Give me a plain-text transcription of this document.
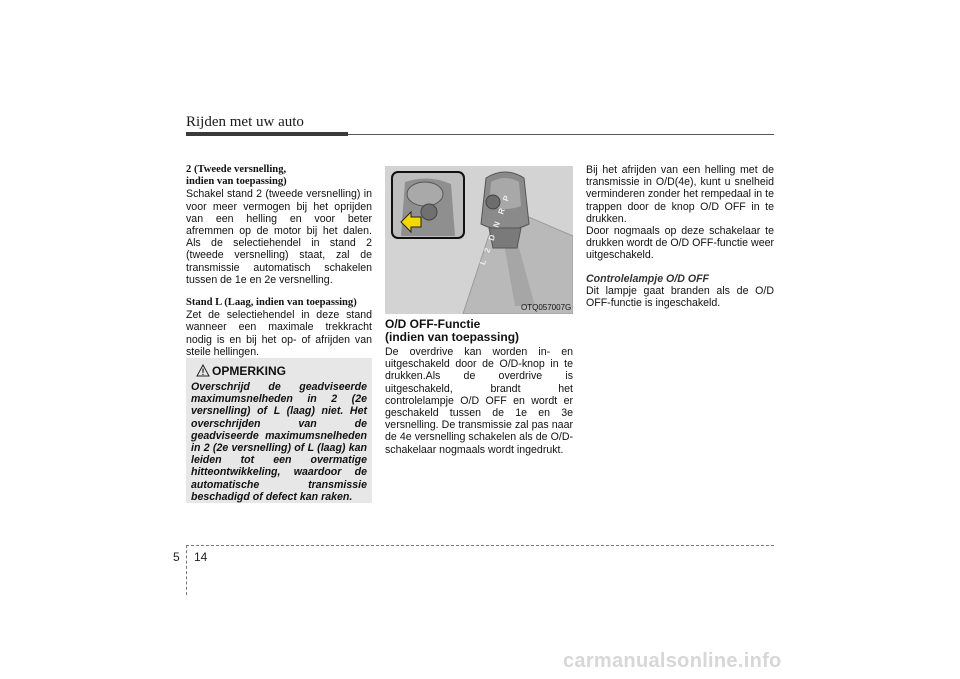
Rijden met uw auto

2 (Tweede versnelling,

indien van toepassing)

Schakel stand 2 (tweede versnelling) in voor meer vermogen bij het oprijden van een helling en voor beter afremmen op de motor bij het dalen. Als de selectiehendel in stand 2 (tweede versnelling) staat, zal de transmissie automatisch schakelen tussen de 1e en 2e versnelling.

Stand L (Laag, indien van toepassing)

Zet de selectiehendel in deze stand wanneer een maximale trekkracht nodig is en bij het op- of afrijden van steile hellingen.

OPMERKING
Overschrijd de geadviseerde maximumsnelheden in 2 (2e versnelling) of L (laag) niet. Het overschrijden van de geadviseerde maximumsnelheden in 2 (2e versnelling) of L (laag) kan leiden tot een overmatige hitteontwikkeling, waardoor de automatische transmissie beschadigd of defect kan raken.
L 2 D N R P
OTQ057007G

O/D OFF-Functie
(indien van toepassing)

De overdrive kan worden in- en uitgeschakeld door de O/D-knop in te drukken.Als de overdrive is uitgeschakeld, brandt het controlelampje O/D OFF en wordt er geschakeld tussen de 1e en 3e versnelling. De transmissie zal pas naar de 4e versnelling schakelen als de O/D-schakelaar nogmaals wordt ingedrukt.

Bij het afrijden van een helling met de transmissie in O/D(4e), kunt u snelheid verminderen zonder het rempedaal in te trappen door de knop O/D OFF in te drukken.

Door nogmaals op deze schakelaar te drukken wordt de O/D OFF-functie weer uitgeschakeld.

Controlelampje O/D OFF

Dit lampje gaat branden als de O/D OFF-functie is ingeschakeld.

5 14
carmanualsonline.info
